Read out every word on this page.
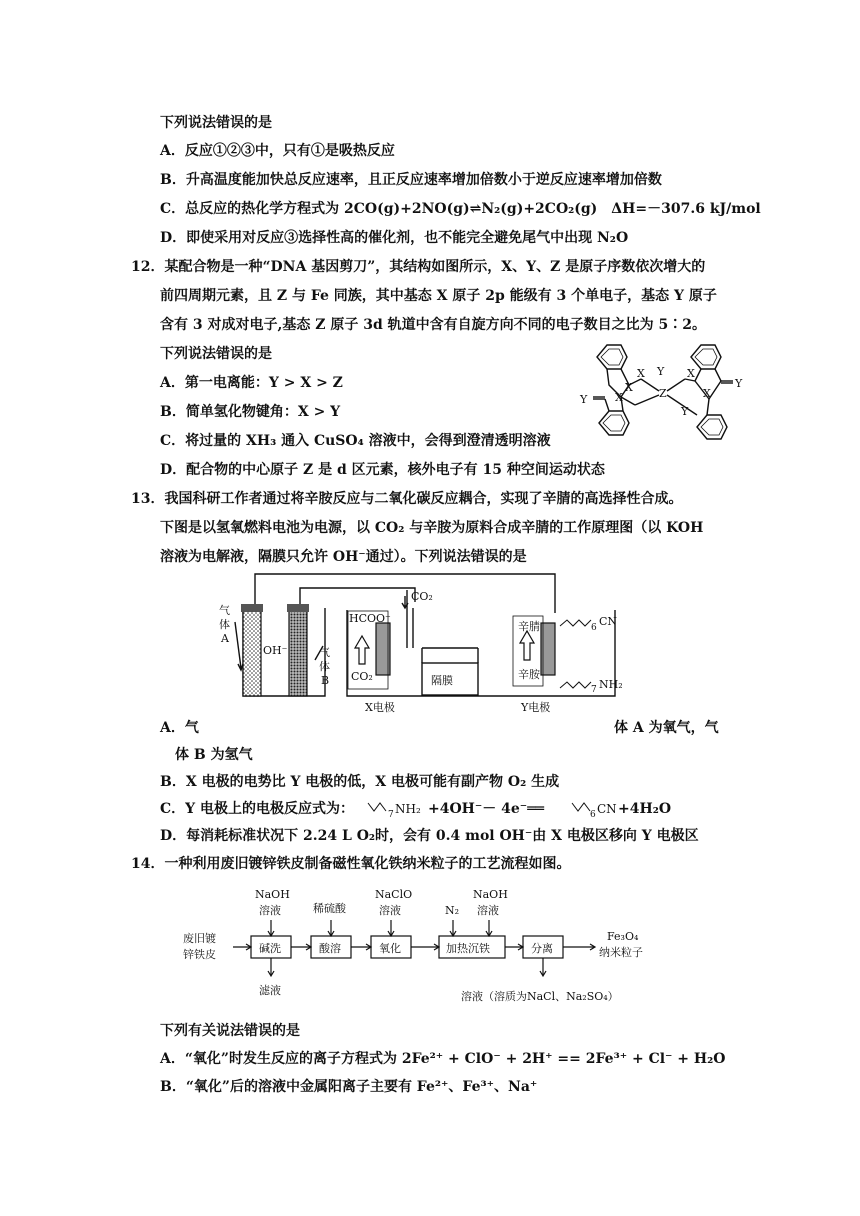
下列说法错误的是
A．反应①②③中，只有①是吸热反应
B．升高温度能加快总反应速率，且正反应速率增加倍数小于逆反应速率增加倍数
C．总反应的热化学方程式为 2CO(g)+2NO(g)⇌N₂(g)+2CO₂(g)　ΔH=－307.6 kJ/mol
D．即使采用对反应③选择性高的催化剂，也不能完全避免尾气中出现 N₂O
12．某配合物是一种“DNA 基因剪刀”，其结构如图所示，X、Y、Z 是原子序数依次增大的
前四周期元素，且 Z 与 Fe 同族，其中基态 X 原子 2p 能级有 3 个单电子，基态 Y 原子
含有 3 对成对电子,基态 Z 原子 3d 轨道中含有自旋方向不同的电子数目之比为 5∶2。
下列说法错误的是
A．第一电离能：Y > X > Z
B．简单氢化物键角：X > Y
C．将过量的 XH₃ 通入 CuSO₄ 溶液中，会得到澄清透明溶液
D．配合物的中心原子 Z 是 d 区元素，核外电子有 15 种空间运动状态
X
X
X
Y
Y	Z
X
X
Y
Y
13．我国科研工作者通过将辛胺反应与二氧化碳反应耦合，实现了辛腈的高选择性合成。
下图是以氢氧燃料电池为电源，以 CO₂ 与辛胺为原料合成辛腈的工作原理图（以 KOH
溶液为电解液，隔膜只允许 OH⁻通过）。下列说法错误的是
气
体
A
气
体
B
OH⁻
HCOO⁻
CO₂
CO₂	隔膜
辛腈
辛胺
X电极	Y电极
CN
NH₂
6
7
A．气	体 A 为氧气，气
体 B 为氢气
B．X 电极的电势比 Y 电极的低，X 电极可能有副产物 O₂ 生成
C．Y 电极上的电极反应式为：	7 NH₂ +4OH⁻－ 4e⁻══	6 CN +4H₂O
D．每消耗标准状况下 2.24 L O₂时，会有 0.4 mol OH⁻由 X 电极区移向 Y 电极区
14．一种利用废旧镀锌铁皮制备磁性氧化铁纳米粒子的工艺流程如图。
废旧镀
锌铁皮
NaOH
溶液	稀硫酸
NaClO
溶液	N₂
NaOH
溶液
碱洗	酸溶	氧化	加热沉铁	分离
Fe₃O₄
纳米粒子
滤液	溶液（溶质为NaCl、Na₂SO₄）
下列有关说法错误的是
A．“氧化”时发生反应的离子方程式为 2Fe²⁺ + ClO⁻ + 2H⁺ == 2Fe³⁺ + Cl⁻ + H₂O
B．“氧化”后的溶液中金属阳离子主要有 Fe²⁺、Fe³⁺、Na⁺
